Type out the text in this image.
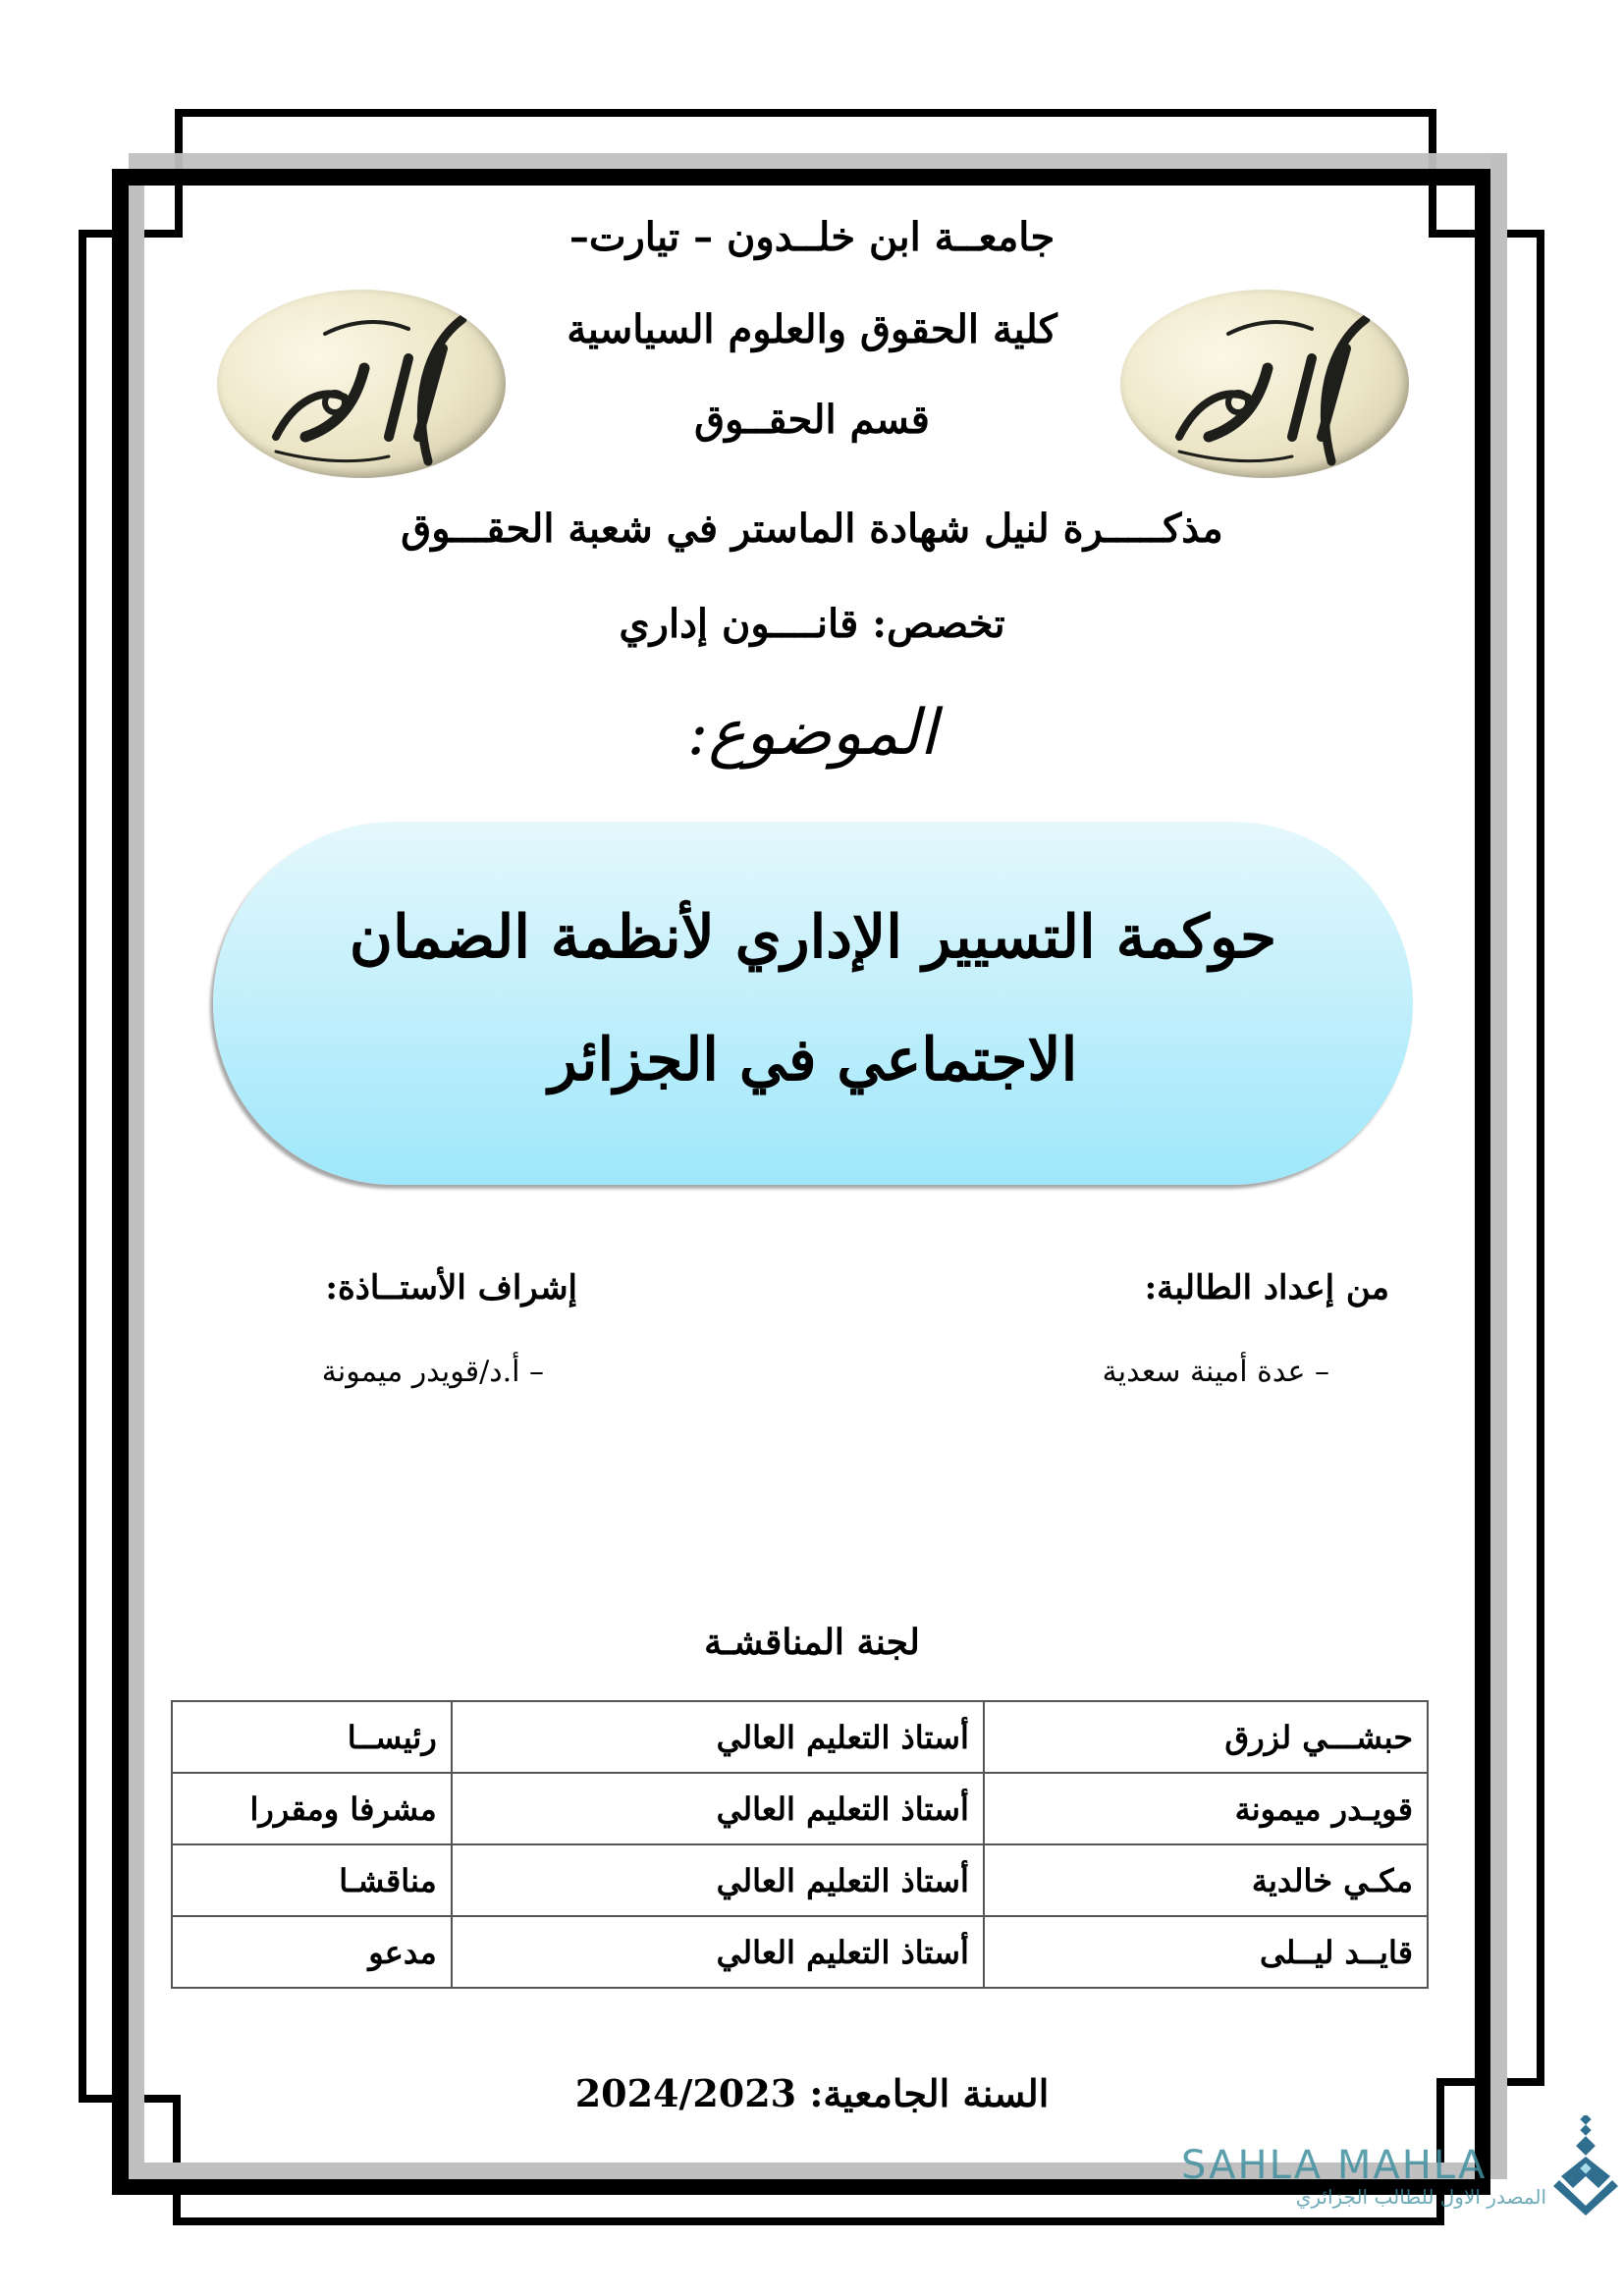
جامعــة ابن خلــدون – تيارت–
كلية الحقوق والعلوم السياسية
قسم الحقــوق
مذكـــــرة لنيل شهادة الماستر في شعبة الحقـــوق
تخصص: قانــــون إداري
الموضوع:
حوكمة التسيير الإداري لأنظمة الضمان
الاجتماعي في الجزائر
من إعداد الطالبة:
– عدة أمينة سعدية
إشراف الأستــاذة:
– أ.د/قويدر ميمونة
لجنة المناقشـة
حبشـــي لزرق	أستاذ التعليم العالي	رئيســا
قويـدر ميمونة	أستاذ التعليم العالي	مشرفا ومقررا
مكـي خالدية	أستاذ التعليم العالي	مناقشـا
قايــد ليــلى	أستاذ التعليم العالي	مدعو
السنة الجامعية: 2024/2023
SAHLA MAHLA
المصدر الاول للطالب الجزائري
